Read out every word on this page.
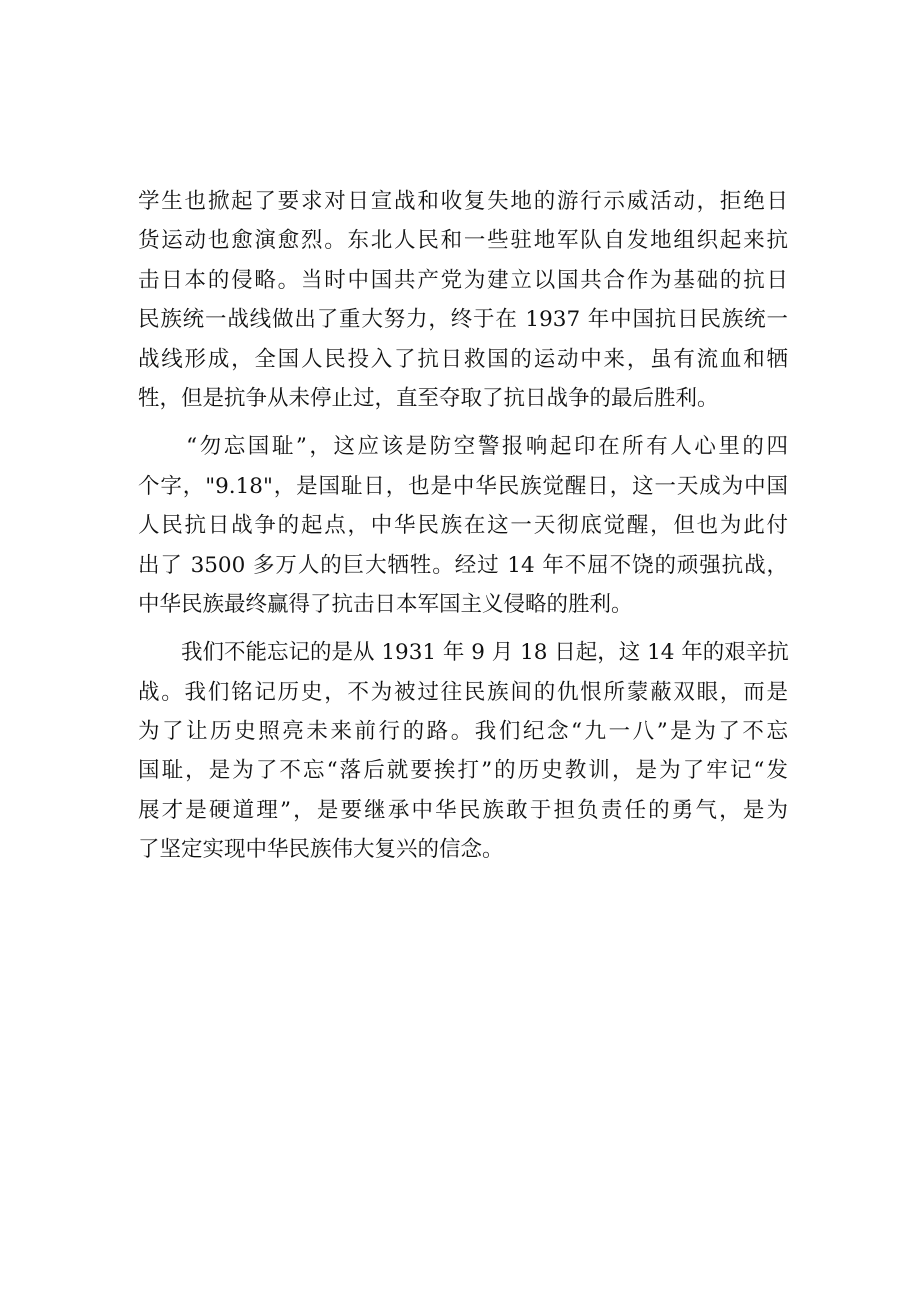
学生也掀起了要求对日宣战和收复失地的游行示威活动，拒绝日
货运动也愈演愈烈。东北人民和一些驻地军队自发地组织起来抗
击日本的侵略。当时中国共产党为建立以国共合作为基础的抗日
民族统一战线做出了重大努力，终于在 1937 年中国抗日民族统一
战线形成，全国人民投入了抗日救国的运动中来，虽有流血和牺
牲，但是抗争从未停止过，直至夺取了抗日战争的最后胜利。
　　“勿忘国耻”，这应该是防空警报响起印在所有人心里的四
个字，"9.18"，是国耻日，也是中华民族觉醒日，这一天成为中国
人民抗日战争的起点，中华民族在这一天彻底觉醒，但也为此付
出了 3500 多万人的巨大牺牲。经过 14 年不屈不饶的顽强抗战，
中华民族最终赢得了抗击日本军国主义侵略的胜利。
　　我们不能忘记的是从 1931 年 9 月 18 日起，这 14 年的艰辛抗
战。我们铭记历史，不为被过往民族间的仇恨所蒙蔽双眼，而是
为了让历史照亮未来前行的路。我们纪念“九一八”是为了不忘
国耻，是为了不忘“落后就要挨打”的历史教训，是为了牢记“发
展才是硬道理”，是要继承中华民族敢于担负责任的勇气，是为
了坚定实现中华民族伟大复兴的信念。
